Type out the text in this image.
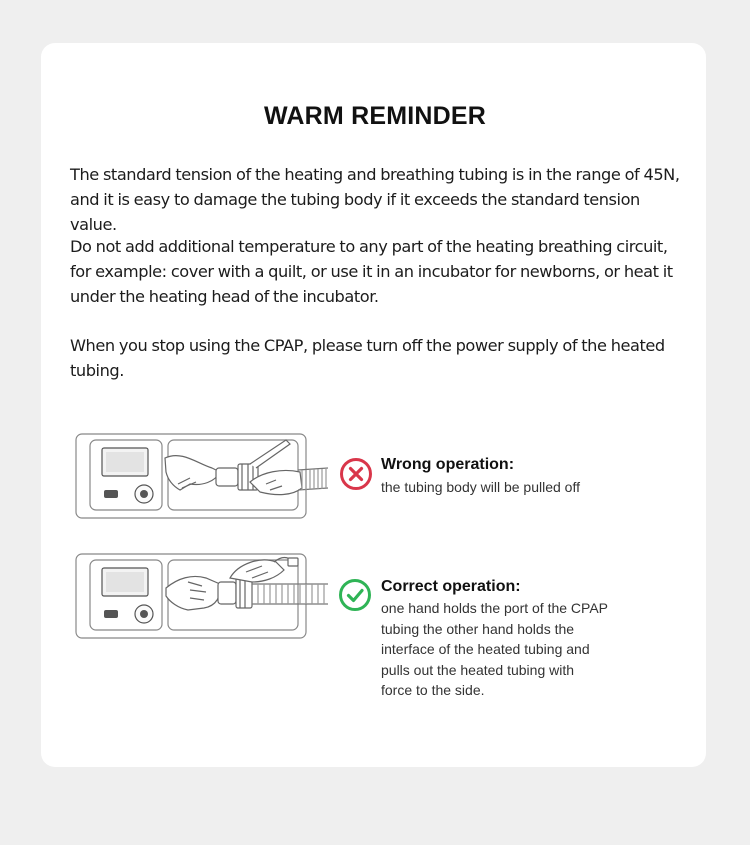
WARM REMINDER
The standard tension of the heating and breathing tubing is in the range of 45N, and it is easy to damage the tubing body if it exceeds the standard tension value.
Do not add additional temperature to any part of the heating breathing circuit, for example: cover with a quilt, or use it in an incubator for newborns, or heat it under the heating head of the incubator.
When you stop using the CPAP, please turn off the power supply of the heated tubing.
Wrong operation:
the tubing body will be pulled off
Correct operation:
one hand holds the port of the CPAP
tubing the other hand holds the
interface of the heated tubing and
pulls out the heated tubing with
force to the side.
